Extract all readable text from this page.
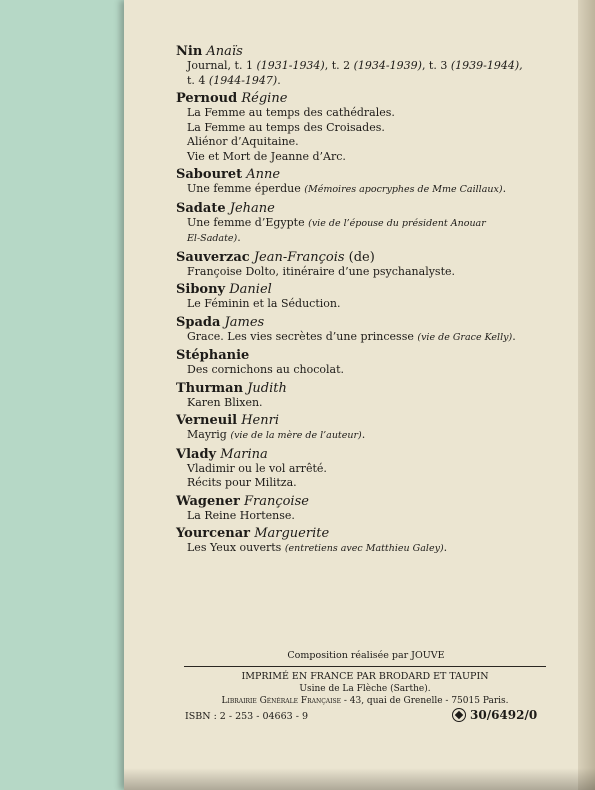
Nin Anaïs
Journal, t. 1 (1931-1934), t. 2 (1934-1939), t. 3 (1939-1944),
t. 4 (1944-1947).
Pernoud Régine
La Femme au temps des cathédrales.
La Femme au temps des Croisades.
Aliénor d’Aquitaine.
Vie et Mort de Jeanne d’Arc.
Sabouret Anne
Une femme éperdue (Mémoires apocryphes de Mme Caillaux).
Sadate Jehane
Une femme d’Egypte (vie de l’épouse du président Anouar
El-Sadate).
Sauverzac Jean-François (de)
Françoise Dolto, itinéraire d’une psychanalyste.
Sibony Daniel
Le Féminin et la Séduction.
Spada James
Grace. Les vies secrètes d’une princesse (vie de Grace Kelly).
Stéphanie
Des cornichons au chocolat.
Thurman Judith
Karen Blixen.
Verneuil Henri
Mayrig (vie de la mère de l’auteur).
Vlady Marina
Vladimir ou le vol arrêté.
Récits pour Militza.
Wagener Françoise
La Reine Hortense.
Yourcenar Marguerite
Les Yeux ouverts (entretiens avec Matthieu Galey).
Composition réalisée par JOUVE
IMPRIMÉ EN FRANCE PAR BRODARD ET TAUPIN
Usine de La Flèche (Sarthe).
Librairie Générale Française - 43, quai de Grenelle - 75015 Paris.
ISBN : 2 - 253 - 04663 - 9	30/6492/0
